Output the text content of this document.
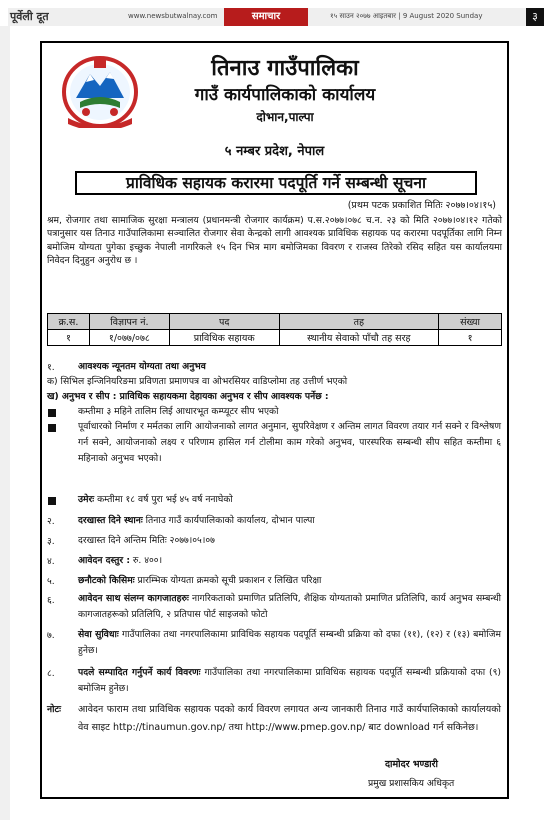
पूर्वेली दूत	www.newsbutwalnay.com	समाचार	१५ साउन २०७७ आइतबार | 9 August 2020 Sunday	३
तिनाउ गाउँपालिका
गाउँ कार्यपालिकाको कार्यालय
दोभान,पाल्पा
५ नम्बर प्रदेश, नेपाल
प्राविधिक सहायक करारमा पदपूर्ति गर्ने सम्बन्धी सूचना
(प्रथम पटक प्रकाशित मितिः २०७७।०४।१५)
श्रम, रोजगार तथा सामाजिक सुरक्षा मन्त्रालय (प्रधानमन्त्री रोजगार कार्यक्रम) प.स.२०७७।०७८ च.न. २३ को मिति २०७७।०४।१२ गतेको पत्रानुसार यस तिनाउ गाउँपालिकामा सञ्चालित रोजगार सेवा केन्द्रको लागी आवश्यक प्राविधिक सहायक पद करारमा पदपूर्तिका लागि निम्न बमोजिम योग्यता पुगेका इच्छुक नेपाली नागरिकले १५ दिन भित्र माग बमोजिमका विवरण र राजस्व तिरेको रसिद सहित यस कार्यालयमा निवेदन दिनुहुन अनुरोध छ ।
क्र.स.	विज्ञापन नं.	पद	तह	संख्या
१	१/०७७/०७८	प्राविधिक सहायक	स्थानीय सेवाको पाँचौ तह सरह	१
१.	आवश्यक न्यूनतम योग्यता तथा अनुभव
क) सिभिल इन्जिनियरिङमा प्रविणता प्रमाणपत्र वा ओभरसियर वाडिप्लोमा तह उत्तीर्ण भएको
ख) अनुभव र सीप : प्राविधिक सहायकमा देहायका अनुभव र सीप आवश्यक पर्नेछ :
कम्तीमा ३ महिने तालिम लिई आधारभूत कम्प्यूटर सीप भएको
पूर्वाधारको निर्माण र मर्मतका लागि आयोजनाको लागत अनुमान, सुपरिवेक्षण र अन्तिम लागत विवरण तयार गर्न सक्ने र विश्लेषण गर्न सक्ने, आयोजनाको लक्ष्य र परिणाम हासिल गर्न टोलीमा काम गरेको अनुभव, पारस्परिक सम्बन्धी सीप सहित कम्तीमा ६ महिनाको अनुभव भएको।
उमेरः कम्तीमा १८ वर्ष पुरा भई ४५ वर्ष ननाघेको
२.	दरखास्त दिने स्थानः तिनाउ गाउँ कार्यपालिकाको कार्यालय, दोभान पाल्पा
३.	दरखास्त दिने अन्तिम मितिः २०७७।०५।०७
४.	आवेदन दस्तुर : रु. ४००।
५.	छनौटको किसिमः प्रारम्भिक योग्यता क्रमको सूची प्रकाशन र लिखित परिक्षा
६.	आवेदन साथ संलग्न कागजातहरुः नागरिकताको प्रमाणित प्रतिलिपि, शैक्षिक योग्यताको प्रमाणित प्रतिलिपि, कार्य अनुभव सम्बन्धी कागजातहरूको प्रतिलिपि, २ प्रतिपास पोर्ट साइजको फोटो
७.	सेवा सुविधाः गाउँपालिका तथा नगरपालिकामा प्राविधिक सहायक पदपूर्ति सम्बन्धी प्रक्रिया को दफा (११), (१२) र (१३) बमोजिम हुनेछ।
८.	पदले सम्पादित गर्नुपर्ने कार्य विवरणः गाउँपालिका तथा नगरपालिकामा प्राविधिक सहायक पदपूर्ति सम्बन्धी प्रक्रियाको दफा (९) बमोजिम हुनेछ।
नोटः आवेदन फाराम तथा प्राविधिक सहायक पदको कार्य विवरण लगायत अन्य जानकारी तिनाउ गाउँ कार्यपालिकाको कार्यालयको वेव साइट http://tinaumun.gov.np/ तथा http://www.pmep.gov.np/ बाट download गर्न सकिनेछ।
दामोदर भण्डारी
प्रमुख प्रशासकिय अधिकृत
